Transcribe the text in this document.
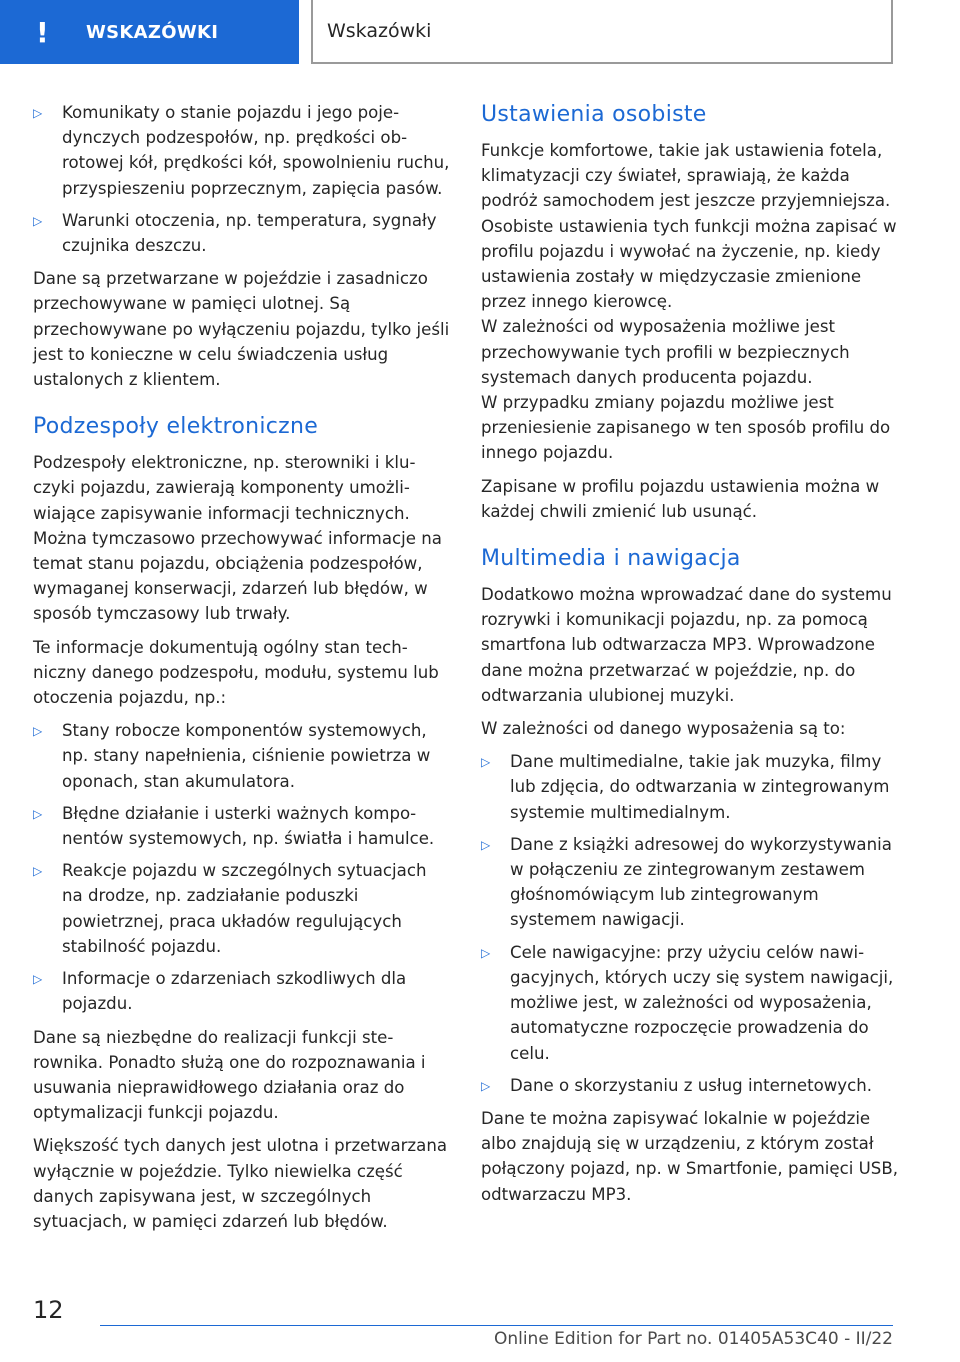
!	WSKAZÓWKI	Wskazówki
▷ Komunikaty o stanie pojazdu i jego pojedynczych podzespołów, np. prędkości obrotowej kół, prędkości kół, spowolnieniu ruchu, przyspieszeniu poprzecznym, zapięcia pasów.
▷ Warunki otoczenia, np. temperatura, sygnały czujnika deszczu.

Dane są przetwarzane w pojeździe i zasadniczo przechowywane w pamięci ulotnej. Są przechowywane po wyłączeniu pojazdu, tylko jeśli jest to konieczne w celu świadczenia usług ustalonych z klientem.

Podzespoły elektroniczne

Podzespoły elektroniczne, np. sterowniki i kluczyki pojazdu, zawierają komponenty umożliwiające zapisywanie informacji technicznych. Można tymczasowo przechowywać informacje na temat stanu pojazdu, obciążenia podzespołów, wymaganej konserwacji, zdarzeń lub błędów, w sposób tymczasowy lub trwały.

Te informacje dokumentują ogólny stan techniczny danego podzespołu, modułu, systemu lub otoczenia pojazdu, np.:

▷ Stany robocze komponentów systemowych, np. stany napełnienia, ciśnienie powietrza w oponach, stan akumulatora.
▷ Błędne działanie i usterki ważnych komponentów systemowych, np. światła i hamulce.
▷ Reakcje pojazdu w szczególnych sytuacjach na drodze, np. zadziałanie poduszki powietrznej, praca układów regulujących stabilność pojazdu.
▷ Informacje o zdarzeniach szkodliwych dla pojazdu.

Dane są niezbędne do realizacji funkcji sterownika. Ponadto służą one do rozpoznawania i usuwania nieprawidłowego działania oraz do optymalizacji funkcji pojazdu.

Większość tych danych jest ulotna i przetwarzana wyłącznie w pojeździe. Tylko niewielka część danych zapisywana jest, w szczególnych sytuacjach, w pamięci zdarzeń lub błędów.

Ustawienia osobiste

Funkcje komfortowe, takie jak ustawienia fotela, klimatyzacji czy świateł, sprawiają, że każda podróż samochodem jest jeszcze przyjemniejsza. Osobiste ustawienia tych funkcji można zapisać w profilu pojazdu i wywołać na życzenie, np. kiedy ustawienia zostały w międzyczasie zmienione przez innego kierowcę.

W zależności od wyposażenia możliwe jest przechowywanie tych profili w bezpiecznych systemach danych producenta pojazdu.

W przypadku zmiany pojazdu możliwe jest przeniesienie zapisanego w ten sposób profilu do innego pojazdu.

Zapisane w profilu pojazdu ustawienia można w każdej chwili zmienić lub usunąć.

Multimedia i nawigacja

Dodatkowo można wprowadzać dane do systemu rozrywki i komunikacji pojazdu, np. za pomocą smartfona lub odtwarzacza MP3. Wprowadzone dane można przetwarzać w pojeździe, np. do odtwarzania ulubionej muzyki.

W zależności od danego wyposażenia są to:

▷ Dane multimedialne, takie jak muzyka, filmy lub zdjęcia, do odtwarzania w zintegrowanym systemie multimedialnym.
▷ Dane z książki adresowej do wykorzystywania w połączeniu ze zintegrowanym zestawem głośnomówiącym lub zintegrowanym systemem nawigacji.
▷ Cele nawigacyjne: przy użyciu celów nawigacyjnych, których uczy się system nawigacji, możliwe jest, w zależności od wyposażenia, automatyczne rozpoczęcie prowadzenia do celu.
▷ Dane o skorzystaniu z usług internetowych.

Dane te można zapisywać lokalnie w pojeździe albo znajdują się w urządzeniu, z którym został połączony pojazd, np. w Smartfonie, pamięci USB, odtwarzaczu MP3.

12
Online Edition for Part no. 01405A53C40 - II/22
